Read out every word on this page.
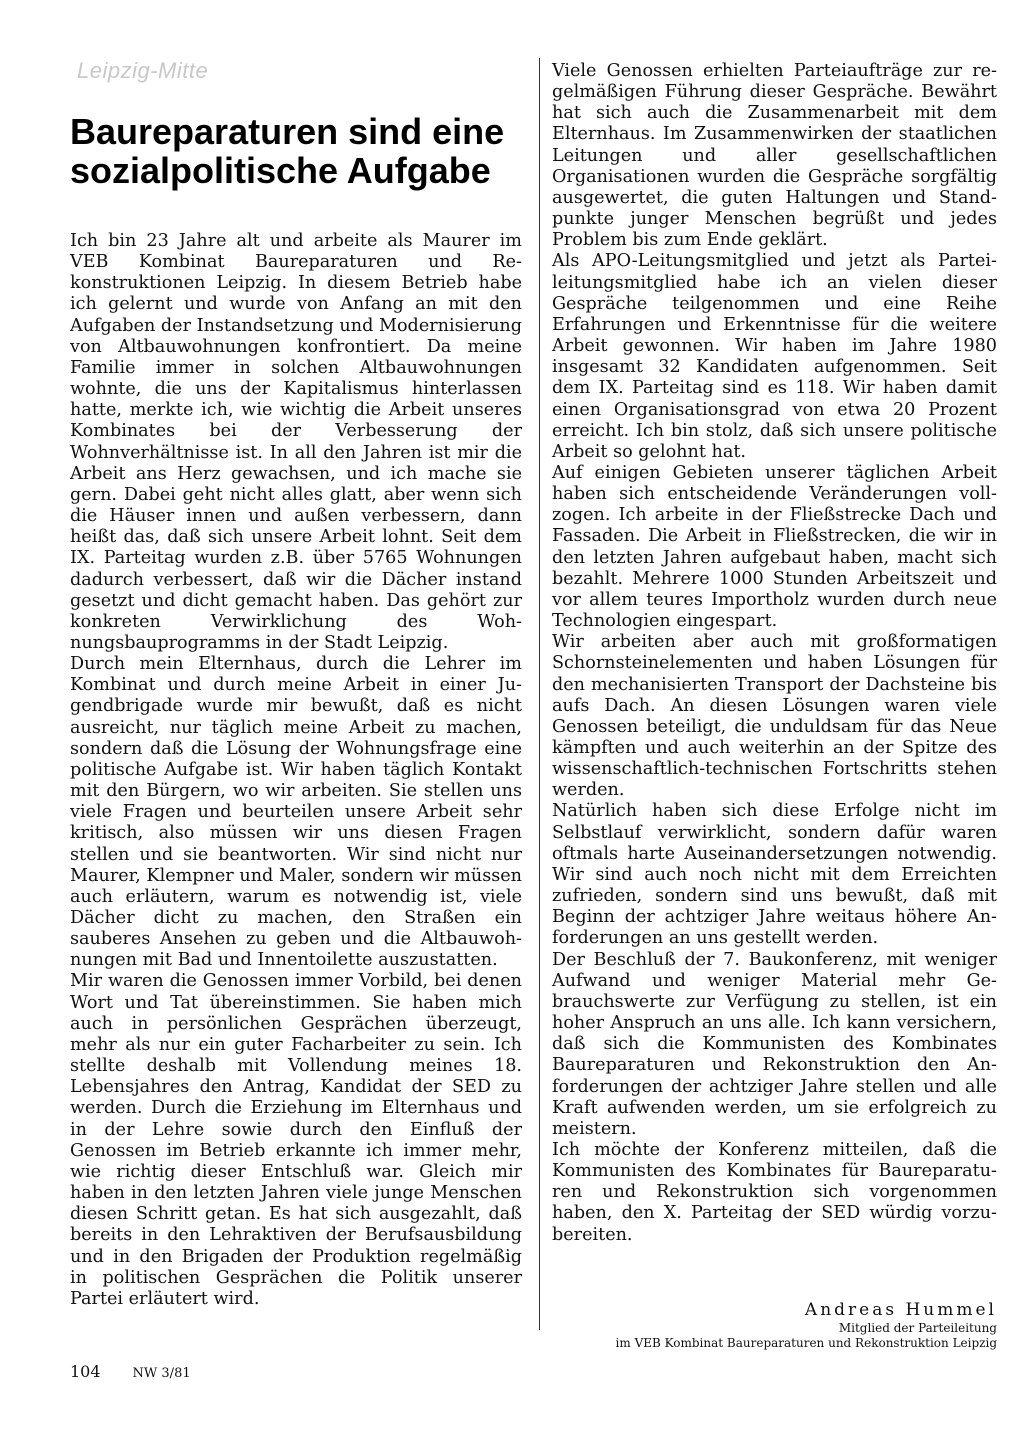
Leipzig-Mitte
Baureparaturen sind eine
sozialpolitische Aufgabe

Ich bin 23 Jahre alt und arbeite als Maurer im VEB Kombinat Baureparaturen und Rekonstruktionen Leipzig. In diesem Betrieb habe ich gelernt und wurde von Anfang an mit den Aufgaben der Instandsetzung und Modernisierung von Altbauwohnungen konfrontiert. Da meine Familie immer in solchen Altbauwohnungen wohnte, die uns der Kapitalismus hinterlassen hatte, merkte ich, wie wichtig die Arbeit unseres Kombinates bei der Verbesserung der Wohnverhältnisse ist. In all den Jahren ist mir die Arbeit ans Herz gewachsen, und ich mache sie gern. Dabei geht nicht alles glatt, aber wenn sich die Häuser innen und außen verbessern, dann heißt das, daß sich unsere Arbeit lohnt. Seit dem IX. Parteitag wurden z.B. über 5765 Wohnungen dadurch verbessert, daß wir die Dächer instand gesetzt und dicht gemacht haben. Das gehört zur konkreten Verwirklichung des Wohnungsbauprogramms in der Stadt Leipzig.

Durch mein Elternhaus, durch die Lehrer im Kombinat und durch meine Arbeit in einer Jugendbrigade wurde mir bewußt, daß es nicht ausreicht, nur täglich meine Arbeit zu machen, sondern daß die Lösung der Wohnungsfrage eine politische Aufgabe ist. Wir haben täglich Kontakt mit den Bürgern, wo wir arbeiten. Sie stellen uns viele Fragen und beurteilen unsere Arbeit sehr kritisch, also müssen wir uns diesen Fragen stellen und sie beantworten. Wir sind nicht nur Maurer, Klempner und Maler, sondern wir müssen auch erläutern, warum es notwendig ist, viele Dächer dicht zu machen, den Straßen ein sauberes Ansehen zu geben und die Altbauwohnungen mit Bad und Innentoilette auszustatten.

Mir waren die Genossen immer Vorbild, bei denen Wort und Tat übereinstimmen. Sie haben mich auch in persönlichen Gesprächen überzeugt, mehr als nur ein guter Facharbeiter zu sein. Ich stellte deshalb mit Vollendung meines 18. Lebensjahres den Antrag, Kandidat der SED zu werden. Durch die Erziehung im Elternhaus und in der Lehre sowie durch den Einfluß der Genossen im Betrieb erkannte ich immer mehr, wie richtig dieser Entschluß war. Gleich mir haben in den letzten Jahren viele junge Menschen diesen Schritt getan. Es hat sich ausgezahlt, daß bereits in den Lehraktiven der Berufsausbildung und in den Brigaden der Produktion regelmäßig in politischen Gesprächen die Politik unserer Partei erläutert wird.

Viele Genossen erhielten Parteiaufträge zur regelmäßigen Führung dieser Gespräche. Bewährt hat sich auch die Zusammenarbeit mit dem Elternhaus. Im Zusammenwirken der staatlichen Leitungen und aller gesellschaftlichen Organisationen wurden die Gespräche sorgfältig ausgewertet, die guten Haltungen und Standpunkte junger Menschen begrüßt und jedes Problem bis zum Ende geklärt.

Als APO-Leitungsmitglied und jetzt als Parteileitungsmitglied habe ich an vielen dieser Gespräche teilgenommen und eine Reihe Erfahrungen und Erkenntnisse für die weitere Arbeit gewonnen. Wir haben im Jahre 1980 insgesamt 32 Kandidaten aufgenommen. Seit dem IX. Parteitag sind es 118. Wir haben damit einen Organisationsgrad von etwa 20 Prozent erreicht. Ich bin stolz, daß sich unsere politische Arbeit so gelohnt hat.

Auf einigen Gebieten unserer täglichen Arbeit haben sich entscheidende Veränderungen vollzogen. Ich arbeite in der Fließstrecke Dach und Fassaden. Die Arbeit in Fließstrecken, die wir in den letzten Jahren aufgebaut haben, macht sich bezahlt. Mehrere 1000 Stunden Arbeitszeit und vor allem teures Importholz wurden durch neue Technologien eingespart.

Wir arbeiten aber auch mit großformatigen Schornsteinelementen und haben Lösungen für den mechanisierten Transport der Dachsteine bis aufs Dach. An diesen Lösungen waren viele Genossen beteiligt, die unduldsam für das Neue kämpften und auch weiterhin an der Spitze des wissenschaftlich-technischen Fortschritts stehen werden.

Natürlich haben sich diese Erfolge nicht im Selbstlauf verwirklicht, sondern dafür waren oftmals harte Auseinandersetzungen notwendig. Wir sind auch noch nicht mit dem Erreichten zufrieden, sondern sind uns bewußt, daß mit Beginn der achtziger Jahre weitaus höhere Anforderungen an uns gestellt werden.

Der Beschluß der 7. Baukonferenz, mit weniger Aufwand und weniger Material mehr Gebrauchswerte zur Verfügung zu stellen, ist ein hoher Anspruch an uns alle. Ich kann versichern, daß sich die Kommunisten des Kombinates Baureparaturen und Rekonstruktion den Anforderungen der achtziger Jahre stellen und alle Kraft aufwenden werden, um sie erfolgreich zu meistern.

Ich möchte der Konferenz mitteilen, daß die Kommunisten des Kombinates für Baureparaturen und Rekonstruktion sich vorgenommen haben, den X. Parteitag der SED würdig vorzubereiten.

Andreas Hummel
Mitglied der Parteileitung
im VEB Kombinat Baureparaturen und Rekonstruktion Leipzig
104 NW 3/81
